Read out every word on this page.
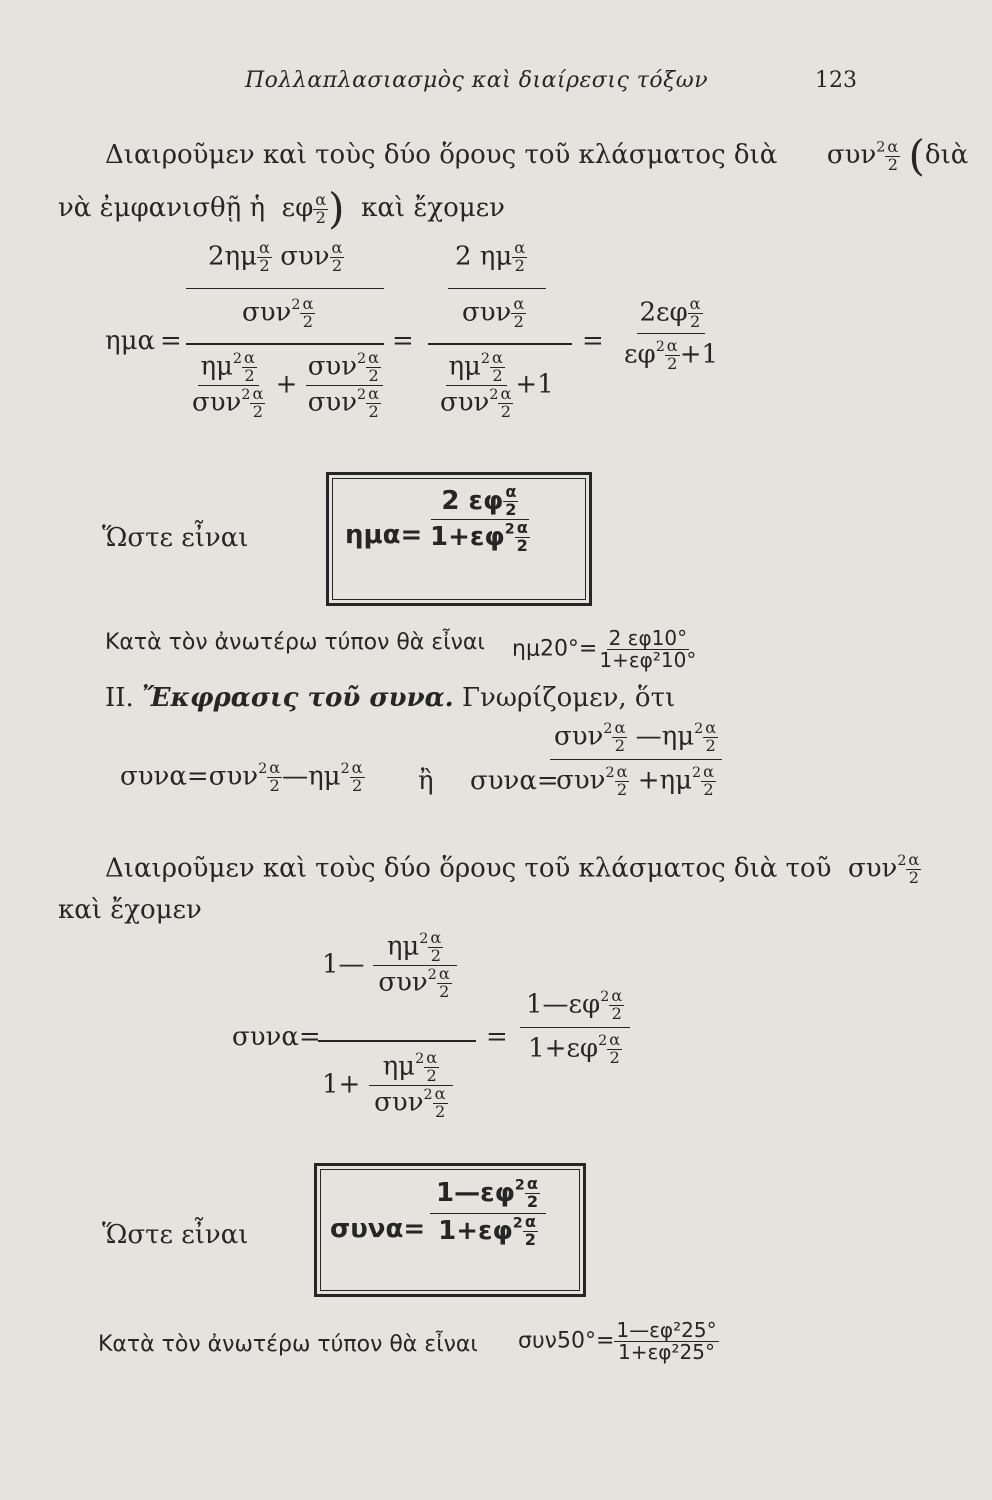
Πολλαπλασιασμὸς καὶ διαίρεσις τόξων	123
Διαιροῦμεν καὶ τοὺς δύο ὅρους τοῦ κλάσματος διὰ $\sigma\upsilon\nu^2 \frac{\alpha}{2}$ (διὰ
νὰ ἐμφανισθῇ ἡ εφ $\frac{\alpha}{2}$ ) καὶ ἔχομεν
ημα =
$2\eta\mu \frac{\alpha}{2}$ συν $\frac{\alpha}{2}$
$\sigma\upsilon\nu^2 \frac{\alpha}{2}$
$\frac{\eta\mu^2 \frac{\alpha}{2}}{\sigma\upsilon\nu^2 \frac{\alpha}{2}} + \frac{\sigma\upsilon\nu^2 \frac{\alpha}{2}}{\sigma\upsilon\nu^2 \frac{\alpha}{2}}$
=
2 ημ $\frac{\alpha}{2}$
συν $\frac{\alpha}{2}$
$\frac{\eta\mu^2 \frac{\alpha}{2}}{\sigma\upsilon\nu^2 \frac{\alpha}{2}} +1$
= $\frac{2\varepsilon\varphi \frac{\alpha}{2}}{\varepsilon\varphi^2 \frac{\alpha}{2} +1}$
Ὥστε εἶναι	$\eta\mu\alpha= \frac{2 \varepsilon\varphi \frac{\alpha}{2}}{1+\varepsilon\varphi^2 \frac{\alpha}{2}}$
Κατὰ τὸν ἀνωτέρω τύπον θὰ εἶναι $\eta\mu 20^\circ= \frac{2 \varepsilon\varphi 10^\circ}{\text{1+εφ²10°}}$
II. Ἔκφρασις τοῦ συνα. Γνωρίζομεν, ὅτι
$\sigma\upsilon\nu\alpha=\sigma\upsilon\nu^2 \frac{\alpha}{2}$ $—\eta\mu^2 \frac{\alpha}{2}$ ἢ συνα=
$\frac{\sigma\upsilon\nu^2 \frac{\alpha}{2} —\eta\mu^2 \frac{\alpha}{2}}{\sigma\upsilon\nu^2 \frac{\alpha}{2} +\eta\mu^2 \frac{\alpha}{2}}$
Διαιροῦμεν καὶ τοὺς δύο ὅρους τοῦ κλάσματος διὰ τοῦ $\sigma\upsilon\nu^2 \frac{\alpha}{2}$
καὶ ἔχομεν
συνα=
1— $\frac{\eta\mu^2 \frac{\alpha}{2}}{\sigma\upsilon\nu^2 \frac{\alpha}{2}}$
$1+ \frac{\eta\mu^2 \frac{\alpha}{2}}{\sigma\upsilon\nu^2 \frac{\alpha}{2}}$
= $\frac{1—\varepsilon\varphi^2 \frac{\alpha}{2}}{1+\varepsilon\varphi^2 \frac{\alpha}{2}}$
Ὥστε εἶναι	$\sigma\upsilon\nu\alpha= \frac{1—\varepsilon\varphi^2 \frac{\alpha}{2}}{1+\varepsilon\varphi^2 \frac{\alpha}{2}}$
Κατὰ τὸν ἀνωτέρω τύπον θὰ εἶναι $\sigma\upsilon\nu 50^\circ= \frac{\text{1—εφ²25°}}{\text{1+εφ²25°}}$
